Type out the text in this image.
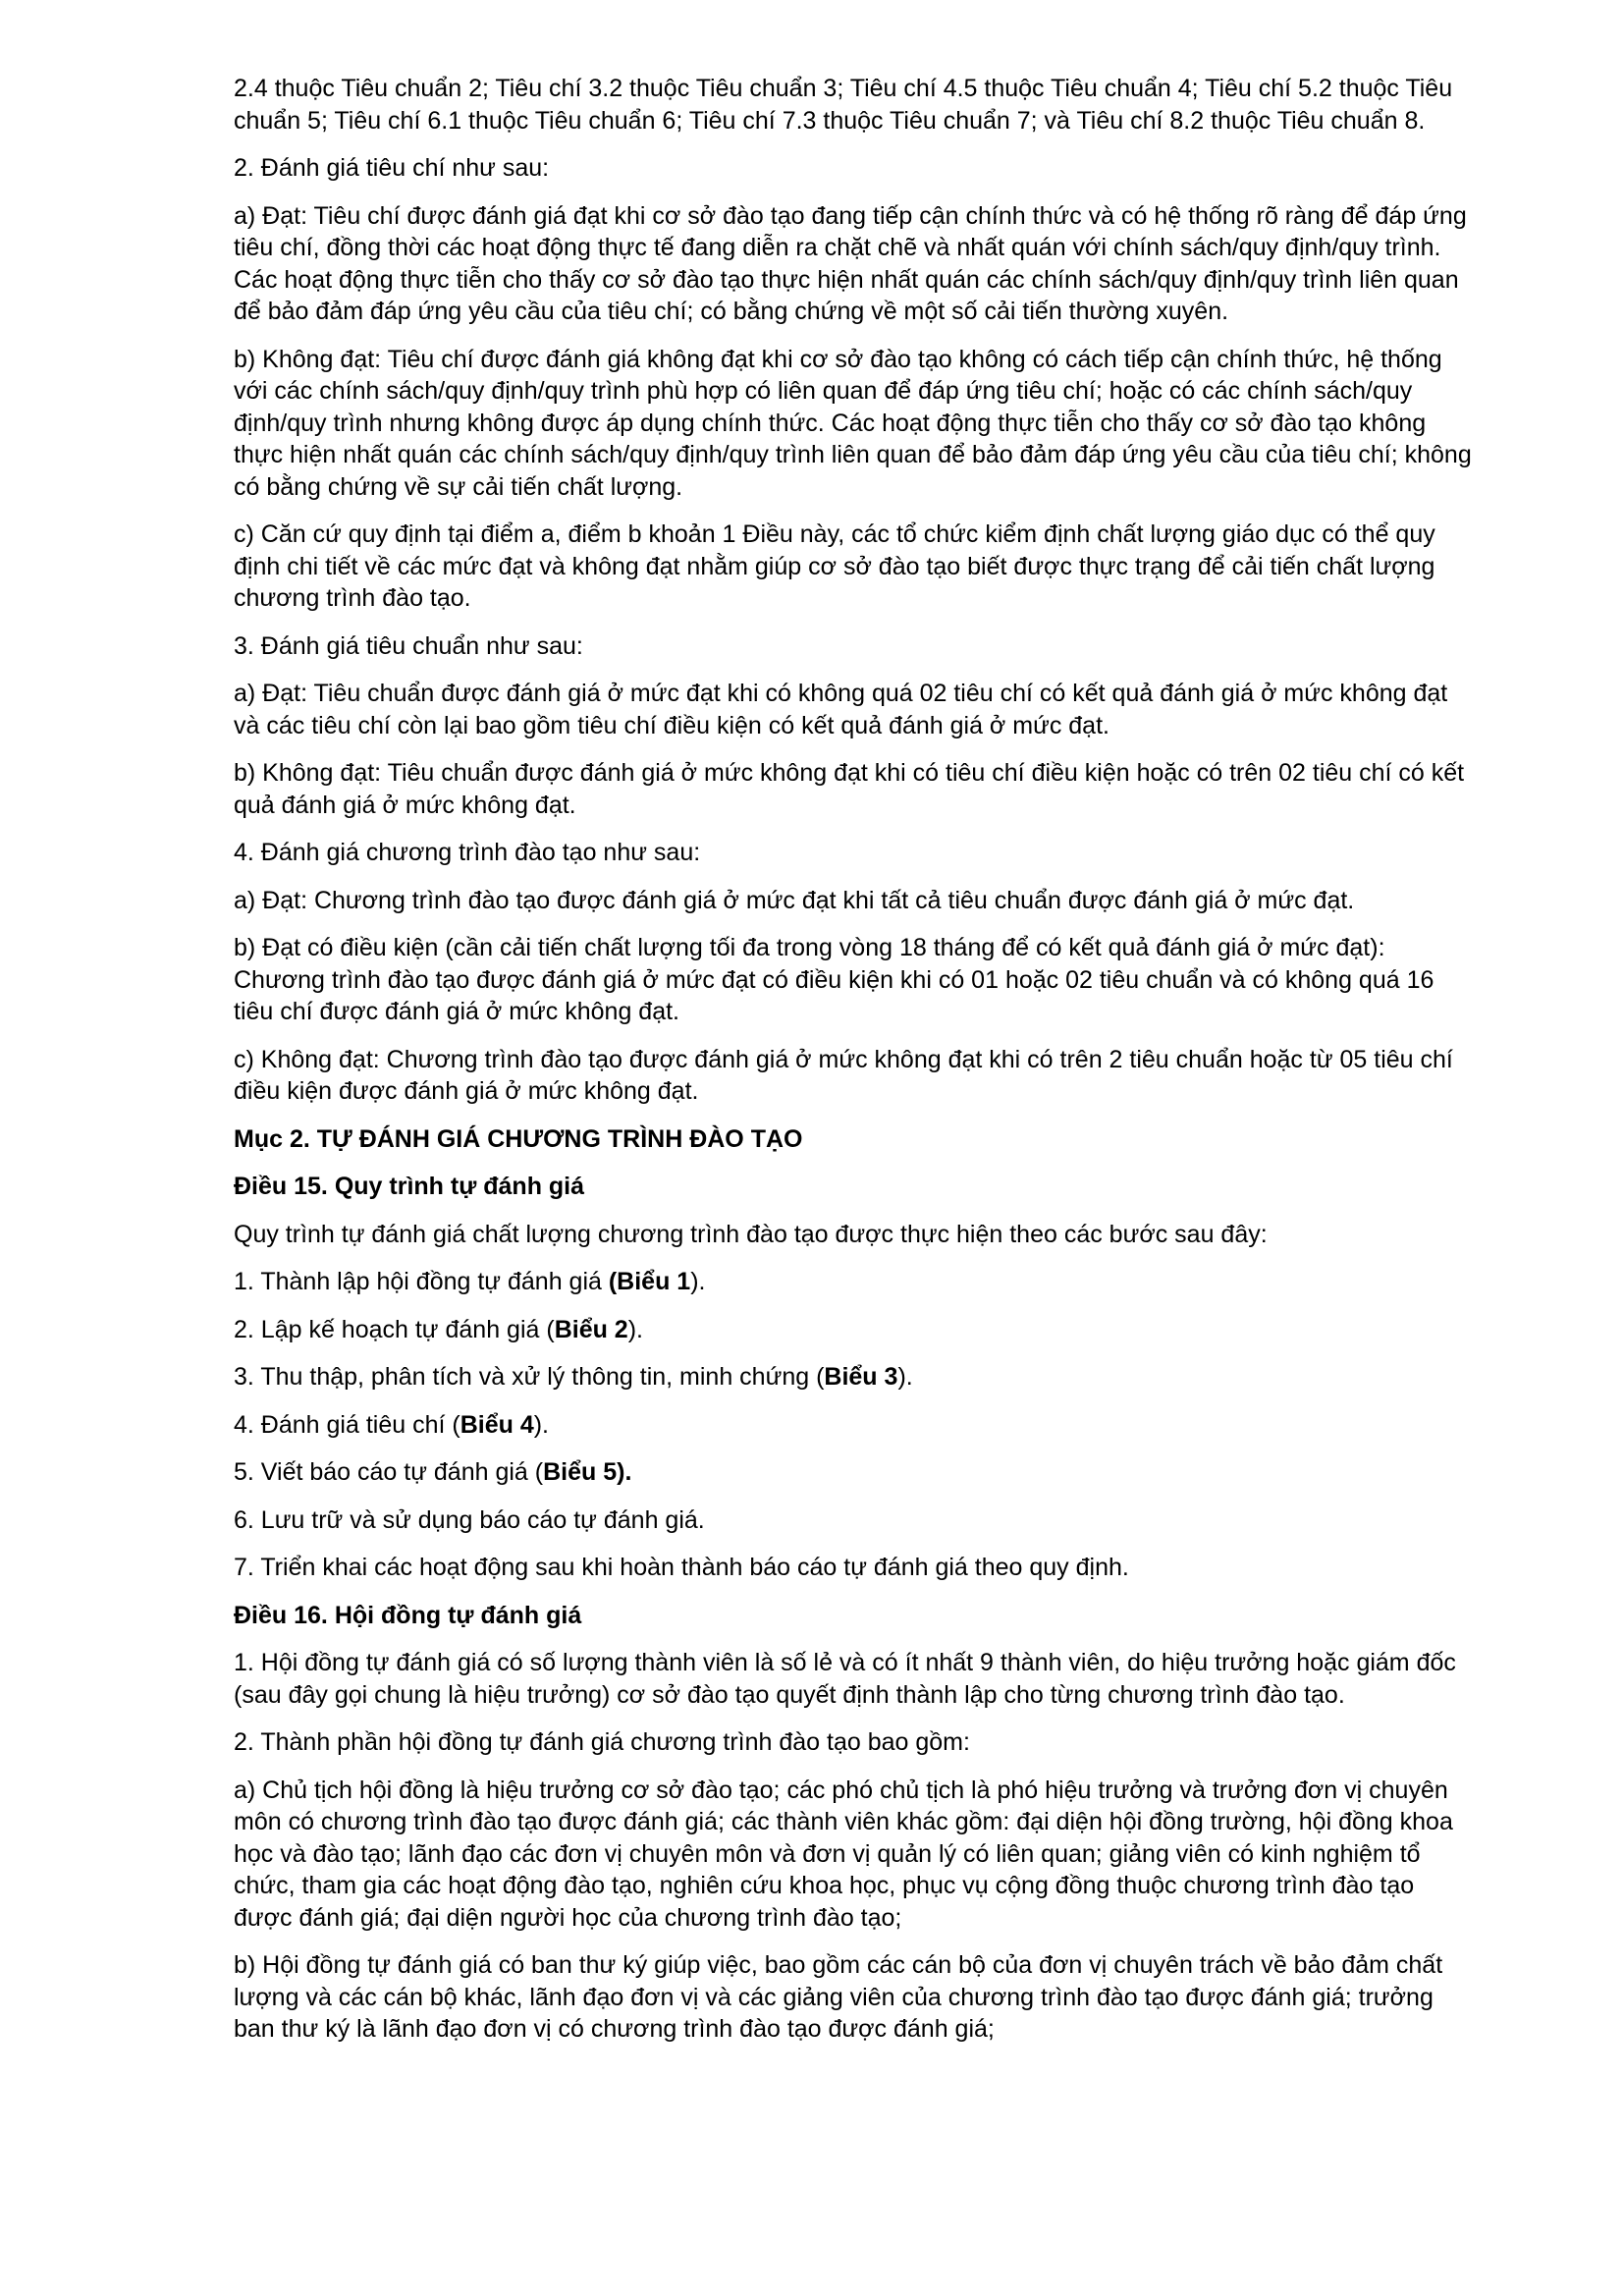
2.4 thuộc Tiêu chuẩn 2; Tiêu chí 3.2 thuộc Tiêu chuẩn 3; Tiêu chí 4.5 thuộc Tiêu chuẩn 4; Tiêu chí 5.2 thuộc Tiêu chuẩn 5; Tiêu chí 6.1 thuộc Tiêu chuẩn 6; Tiêu chí 7.3 thuộc Tiêu chuẩn 7; và Tiêu chí 8.2 thuộc Tiêu chuẩn 8.

2. Đánh giá tiêu chí như sau:

a) Đạt: Tiêu chí được đánh giá đạt khi cơ sở đào tạo đang tiếp cận chính thức và có hệ thống rõ ràng để đáp ứng tiêu chí, đồng thời các hoạt động thực tế đang diễn ra chặt chẽ và nhất quán với chính sách/quy định/quy trình. Các hoạt động thực tiễn cho thấy cơ sở đào tạo thực hiện nhất quán các chính sách/quy định/quy trình liên quan để bảo đảm đáp ứng yêu cầu của tiêu chí; có bằng chứng về một số cải tiến thường xuyên.

b) Không đạt: Tiêu chí được đánh giá không đạt khi cơ sở đào tạo không có cách tiếp cận chính thức, hệ thống với các chính sách/quy định/quy trình phù hợp có liên quan để đáp ứng tiêu chí; hoặc có các chính sách/quy định/quy trình nhưng không được áp dụng chính thức. Các hoạt động thực tiễn cho thấy cơ sở đào tạo không thực hiện nhất quán các chính sách/quy định/quy trình liên quan để bảo đảm đáp ứng yêu cầu của tiêu chí; không có bằng chứng về sự cải tiến chất lượng.

c) Căn cứ quy định tại điểm a, điểm b khoản 1 Điều này, các tổ chức kiểm định chất lượng giáo dục có thể quy định chi tiết về các mức đạt và không đạt nhằm giúp cơ sở đào tạo biết được thực trạng để cải tiến chất lượng chương trình đào tạo.

3. Đánh giá tiêu chuẩn như sau:

a) Đạt: Tiêu chuẩn được đánh giá ở mức đạt khi có không quá 02 tiêu chí có kết quả đánh giá ở mức không đạt và các tiêu chí còn lại bao gồm tiêu chí điều kiện có kết quả đánh giá ở mức đạt.

b) Không đạt: Tiêu chuẩn được đánh giá ở mức không đạt khi có tiêu chí điều kiện hoặc có trên 02 tiêu chí có kết quả đánh giá ở mức không đạt.

4. Đánh giá chương trình đào tạo như sau:

a) Đạt: Chương trình đào tạo được đánh giá ở mức đạt khi tất cả tiêu chuẩn được đánh giá ở mức đạt.

b) Đạt có điều kiện (cần cải tiến chất lượng tối đa trong vòng 18 tháng để có kết quả đánh giá ở mức đạt): Chương trình đào tạo được đánh giá ở mức đạt có điều kiện khi có 01 hoặc 02 tiêu chuẩn và có không quá 16 tiêu chí được đánh giá ở mức không đạt.

c) Không đạt: Chương trình đào tạo được đánh giá ở mức không đạt khi có trên 2 tiêu chuẩn hoặc từ 05 tiêu chí điều kiện được đánh giá ở mức không đạt.

Mục 2. TỰ ĐÁNH GIÁ CHƯƠNG TRÌNH ĐÀO TẠO

Điều 15. Quy trình tự đánh giá

Quy trình tự đánh giá chất lượng chương trình đào tạo được thực hiện theo các bước sau đây:

1. Thành lập hội đồng tự đánh giá (Biểu 1).

2. Lập kế hoạch tự đánh giá (Biểu 2).

3. Thu thập, phân tích và xử lý thông tin, minh chứng (Biểu 3).

4. Đánh giá tiêu chí (Biểu 4).

5. Viết báo cáo tự đánh giá (Biểu 5).

6. Lưu trữ và sử dụng báo cáo tự đánh giá.

7. Triển khai các hoạt động sau khi hoàn thành báo cáo tự đánh giá theo quy định.

Điều 16. Hội đồng tự đánh giá

1. Hội đồng tự đánh giá có số lượng thành viên là số lẻ và có ít nhất 9 thành viên, do hiệu trưởng hoặc giám đốc (sau đây gọi chung là hiệu trưởng) cơ sở đào tạo quyết định thành lập cho từng chương trình đào tạo.

2. Thành phần hội đồng tự đánh giá chương trình đào tạo bao gồm:

a) Chủ tịch hội đồng là hiệu trưởng cơ sở đào tạo; các phó chủ tịch là phó hiệu trưởng và trưởng đơn vị chuyên môn có chương trình đào tạo được đánh giá; các thành viên khác gồm: đại diện hội đồng trường, hội đồng khoa học và đào tạo; lãnh đạo các đơn vị chuyên môn và đơn vị quản lý có liên quan; giảng viên có kinh nghiệm tổ chức, tham gia các hoạt động đào tạo, nghiên cứu khoa học, phục vụ cộng đồng thuộc chương trình đào tạo được đánh giá; đại diện người học của chương trình đào tạo;

b) Hội đồng tự đánh giá có ban thư ký giúp việc, bao gồm các cán bộ của đơn vị chuyên trách về bảo đảm chất lượng và các cán bộ khác, lãnh đạo đơn vị và các giảng viên của chương trình đào tạo được đánh giá; trưởng ban thư ký là lãnh đạo đơn vị có chương trình đào tạo được đánh giá;
